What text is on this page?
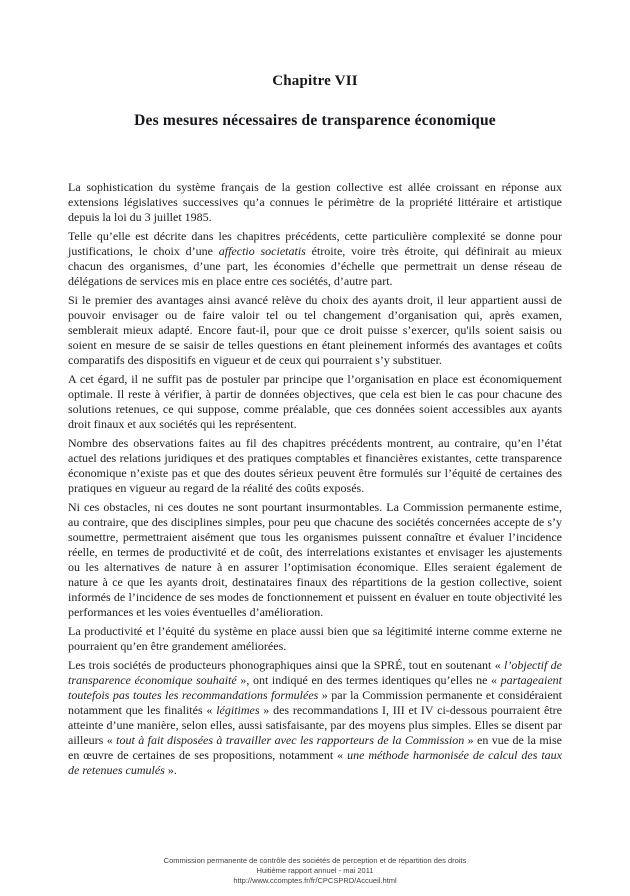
Chapitre VII
Des mesures nécessaires de transparence économique

La sophistication du système français de la gestion collective est allée croissant en réponse aux extensions législatives successives qu’a connues le périmètre de la propriété littéraire et artistique depuis la loi du 3 juillet 1985.

Telle qu’elle est décrite dans les chapitres précédents, cette particulière complexité se donne pour justifications, le choix d’une affectio societatis étroite, voire très étroite, qui définirait au mieux chacun des organismes, d’une part, les économies d’échelle que permettrait un dense réseau de délégations de services mis en place entre ces sociétés, d’autre part.

Si le premier des avantages ainsi avancé relève du choix des ayants droit, il leur appartient aussi de pouvoir envisager ou de faire valoir tel ou tel changement d’organisation qui, après examen, semblerait mieux adapté. Encore faut-il, pour que ce droit puisse s’exercer, qu'ils soient saisis ou soient en mesure de se saisir de telles questions en étant pleinement informés des avantages et coûts comparatifs des dispositifs en vigueur et de ceux qui pourraient s’y substituer.

A cet égard, il ne suffit pas de postuler par principe que l’organisation en place est économiquement optimale. Il reste à vérifier, à partir de données objectives, que cela est bien le cas pour chacune des solutions retenues, ce qui suppose, comme préalable, que ces données soient accessibles aux ayants droit finaux et aux sociétés qui les représentent.

Nombre des observations faites au fil des chapitres précédents montrent, au contraire, qu’en l’état actuel des relations juridiques et des pratiques comptables et financières existantes, cette transparence économique n’existe pas et que des doutes sérieux peuvent être formulés sur l’équité de certaines des pratiques en vigueur au regard de la réalité des coûts exposés.

Ni ces obstacles, ni ces doutes ne sont pourtant insurmontables. La Commission permanente estime, au contraire, que des disciplines simples, pour peu que chacune des sociétés concernées accepte de s’y soumettre, permettraient aisément que tous les organismes puissent connaître et évaluer l’incidence réelle, en termes de productivité et de coût, des interrelations existantes et envisager les ajustements ou les alternatives de nature à en assurer l’optimisation économique. Elles seraient également de nature à ce que les ayants droit, destinataires finaux des répartitions de la gestion collective, soient informés de l’incidence de ses modes de fonctionnement et puissent en évaluer en toute objectivité les performances et les voies éventuelles d’amélioration.

La productivité et l’équité du système en place aussi bien que sa légitimité interne comme externe ne pourraient qu’en être grandement améliorées.

Les trois sociétés de producteurs phonographiques ainsi que la SPRÉ, tout en soutenant « l’objectif de transparence économique souhaité », ont indiqué en des termes identiques qu’elles ne « partageaient toutefois pas toutes les recommandations formulées » par la Commission permanente et considéraient notamment que les finalités « légitimes » des recommandations I, III et IV ci-dessous pourraient être atteinte d’une manière, selon elles, aussi satisfaisante, par des moyens plus simples. Elles se disent par ailleurs « tout à fait disposées à travailler avec les rapporteurs de la Commission » en vue de la mise en œuvre de certaines de ses propositions, notamment « une méthode harmonisée de calcul des taux de retenues cumulés ».

Commission permanente de contrôle des sociétés de perception et de répartition des droits
Huitième rapport annuel - mai 2011
http://www.ccomptes.fr/fr/CPCSPRD/Accueil.html
